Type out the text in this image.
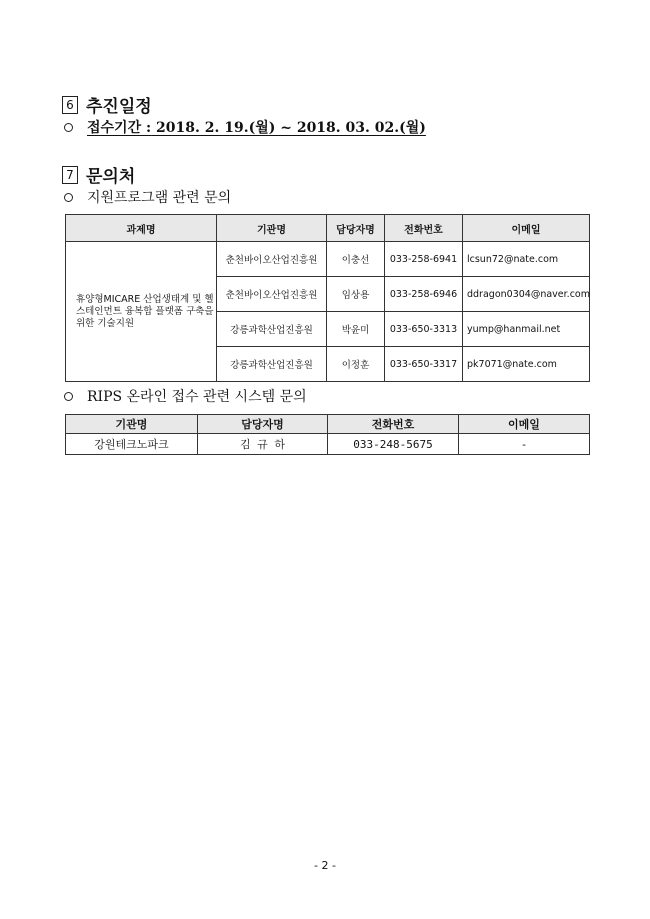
6 추진일정
접수기간 : 2018. 2. 19.(월) ~ 2018. 03. 02.(월)
7 문의처
지원프로그램 관련 문의
과제명	기관명	담당자명	전화번호	이메일
휴양형MICARE 산업생태계 및 헬스테인먼트 융복합 플랫폼 구축을 위한 기술지원	춘천바이오산업진흥원	이충선	033-258-6941	lcsun72@nate.com
	춘천바이오산업진흥원	임상용	033-258-6946	ddragon0304@naver.com
	강릉과학산업진흥원	박윤미	033-650-3313	yump@hanmail.net
	강릉과학산업진흥원	이정훈	033-650-3317	pk7071@nate.com
RIPS 온라인 접수 관련 시스템 문의
기관명	담당자명	전화번호	이메일
강원테크노파크	김 규 하	033-248-5675	-
- 2 -
